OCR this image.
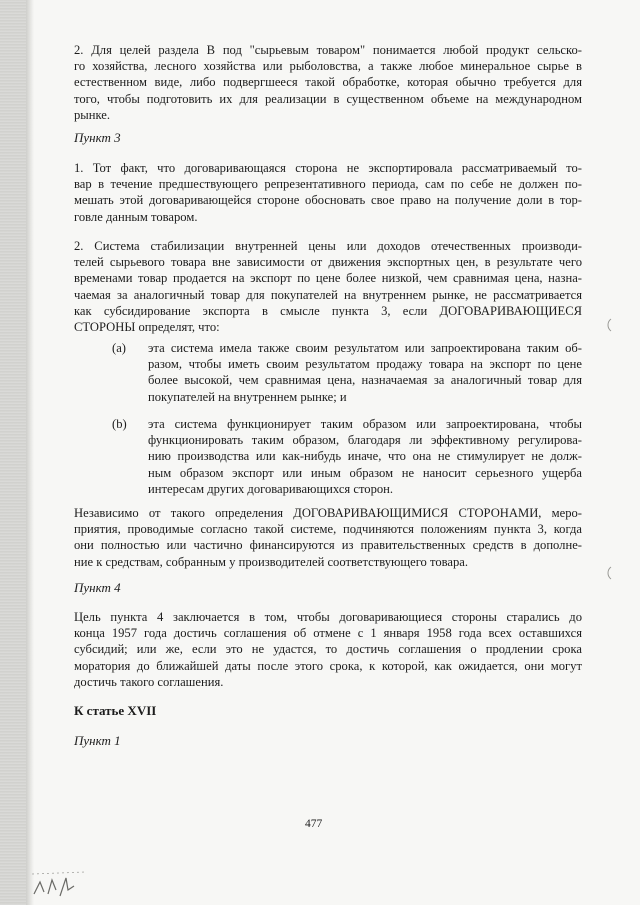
2. Для целей раздела В под "сырьевым товаром" понимается любой продукт сельско-
го хозяйства, лесного хозяйства или рыболовства, а также любое минеральное сырье в
естественном виде, либо подвергшееся такой обработке, которая обычно требуется для
того, чтобы подготовить их для реализации в существенном объеме на международном
рынке.
Пункт 3
1. Тот факт, что договаривающаяся сторона не экспортировала рассматриваемый то-
вар в течение предшествующего репрезентативного периода, сам по себе не должен по-
мешать этой договаривающейся стороне обосновать свое право на получение доли в тор-
говле данным товаром.
2. Система стабилизации внутренней цены или доходов отечественных производи-
телей сырьевого товара вне зависимости от движения экспортных цен, в результате чего
временами товар продается на экспорт по цене более низкой, чем сравнимая цена, назна-
чаемая за аналогичный товар для покупателей на внутреннем рынке, не рассматривается
как субсидирование экспорта в смысле пункта 3, если ДОГОВАРИВАЮЩИЕСЯ
СТОРОНЫ определят, что:
(a) эта система имела также своим результатом или запроектирована таким об-
разом, чтобы иметь своим результатом продажу товара на экспорт по цене
более высокой, чем сравнимая цена, назначаемая за аналогичный товар для
покупателей на внутреннем рынке; и
(b) эта система функционирует таким образом или запроектирована, чтобы
функционировать таким образом, благодаря ли эффективному регулирова-
нию производства или как-нибудь иначе, что она не стимулирует не долж-
ным образом экспорт или иным образом не наносит серьезного ущерба
интересам других договаривающихся сторон.
Независимо от такого определения ДОГОВАРИВАЮЩИМИСЯ СТОРОНАМИ, меро-
приятия, проводимые согласно такой системе, подчиняются положениям пункта 3, когда
они полностью или частично финансируются из правительственных средств в дополне-
ние к средствам, собранным у производителей соответствующего товара.
Пункт 4
Цель пункта 4 заключается в том, чтобы договаривающиеся стороны старались до
конца 1957 года достичь соглашения об отмене с 1 января 1958 года всех оставшихся
субсидий; или же, если это не удастся, то достичь соглашения о продлении срока
моратория до ближайшей даты после этого срока, к которой, как ожидается, они могут
достичь такого соглашения.
К статье XVII
Пункт 1
477
